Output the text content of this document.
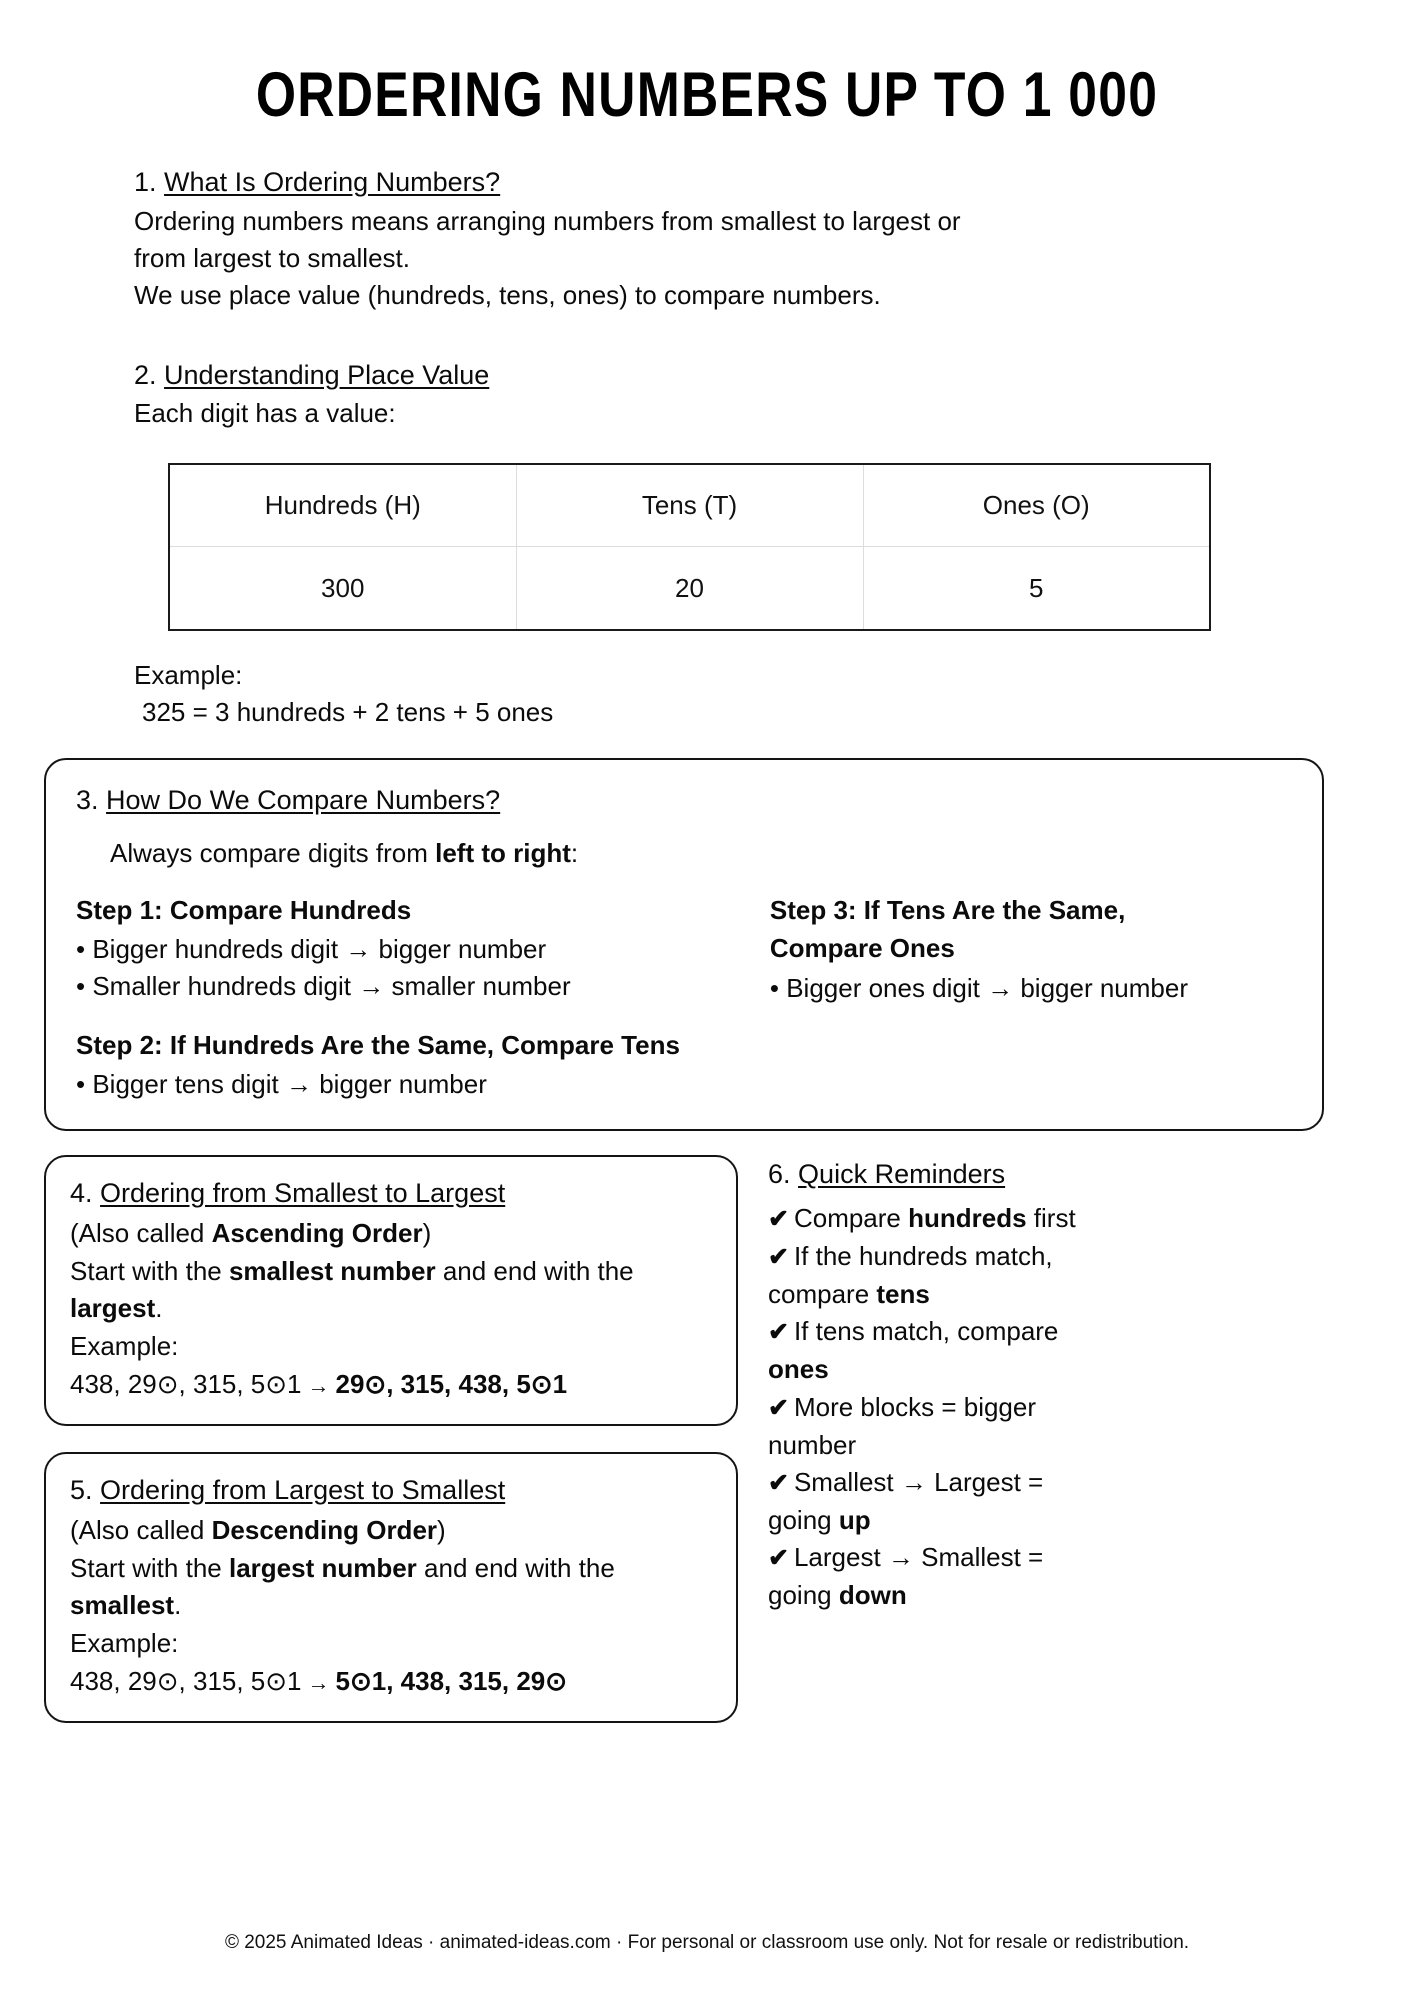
ORDERING NUMBERS UP TO 1 000
1. What Is Ordering Numbers?
Ordering numbers means arranging numbers from smallest to largest or
from largest to smallest.
We use place value (hundreds, tens, ones) to compare numbers.
2. Understanding Place Value
Each digit has a value:
Hundreds (H)	Tens (T)	Ones (O)
300	20	5
Example:
325 = 3 hundreds + 2 tens + 5 ones
3. How Do We Compare Numbers?
Always compare digits from left to right:
Step 1: Compare Hundreds
• Bigger hundreds digit → bigger number
• Smaller hundreds digit → smaller number
Step 2: If Hundreds Are the Same, Compare Tens
• Bigger tens digit → bigger number
Step 3: If Tens Are the Same,
Compare Ones
• Bigger ones digit → bigger number
4. Ordering from Smallest to Largest
(Also called Ascending Order)
Start with the smallest number and end with the largest.
Example:
438, 29⊙, 315, 5⊙1 → 29⊙, 315, 438, 5⊙1
5. Ordering from Largest to Smallest
(Also called Descending Order)
Start with the largest number and end with the smallest.
Example:
438, 29⊙, 315, 5⊙1 → 5⊙1, 438, 315, 29⊙
6. Quick Reminders
✔ Compare hundreds first
✔ If the hundreds match,
compare tens
✔ If tens match, compare
ones
✔ More blocks = bigger
number
✔ Smallest → Largest =
going up
✔ Largest → Smallest =
going down
© 2025 Animated Ideas · animated-ideas.com · For personal or classroom use only. Not for resale or redistribution.
